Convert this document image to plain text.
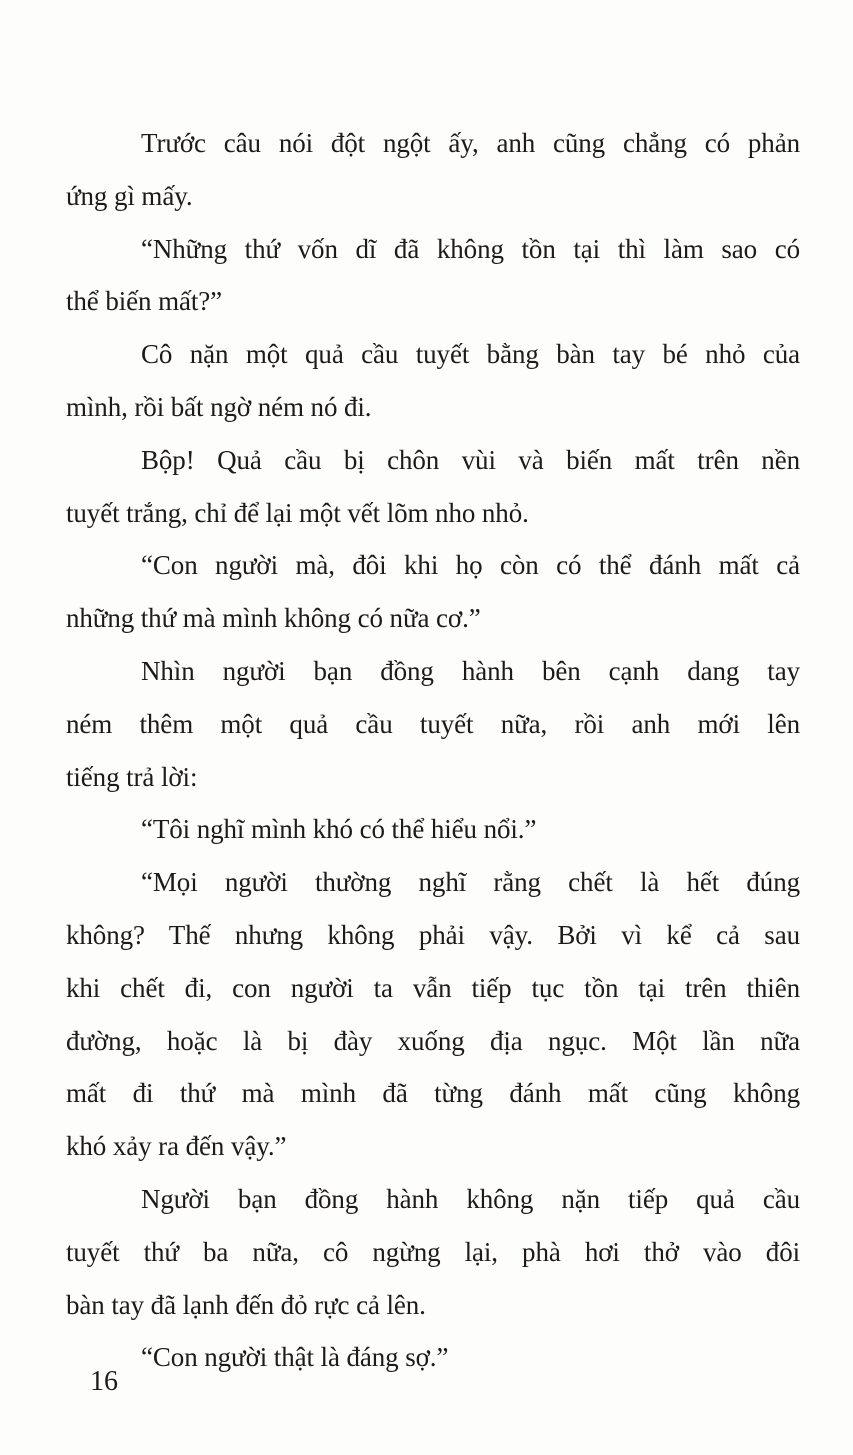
Trước câu nói đột ngột ấy, anh cũng chẳng có phản
ứng gì mấy.
“Những thứ vốn dĩ đã không tồn tại thì làm sao có
thể biến mất?”
Cô nặn một quả cầu tuyết bằng bàn tay bé nhỏ của
mình, rồi bất ngờ ném nó đi.
Bộp! Quả cầu bị chôn vùi và biến mất trên nền
tuyết trắng, chỉ để lại một vết lõm nho nhỏ.
“Con người mà, đôi khi họ còn có thể đánh mất cả
những thứ mà mình không có nữa cơ.”
Nhìn người bạn đồng hành bên cạnh dang tay
ném thêm một quả cầu tuyết nữa, rồi anh mới lên
tiếng trả lời:
“Tôi nghĩ mình khó có thể hiểu nổi.”
“Mọi người thường nghĩ rằng chết là hết đúng
không? Thế nhưng không phải vậy. Bởi vì kể cả sau
khi chết đi, con người ta vẫn tiếp tục tồn tại trên thiên
đường, hoặc là bị đày xuống địa ngục. Một lần nữa
mất đi thứ mà mình đã từng đánh mất cũng không
khó xảy ra đến vậy.”
Người bạn đồng hành không nặn tiếp quả cầu
tuyết thứ ba nữa, cô ngừng lại, phà hơi thở vào đôi
bàn tay đã lạnh đến đỏ rực cả lên.
“Con người thật là đáng sợ.”
16
